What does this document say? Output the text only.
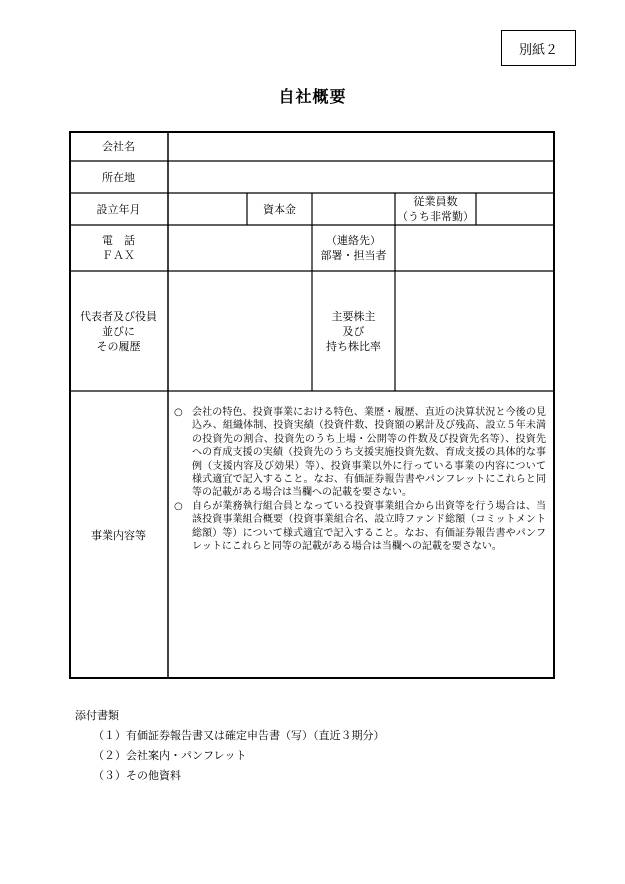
別紙２
自社概要
会社名
所在地
設立年月	資本金
従業員数
（うち非常勤）
電　話
ＦＡＸ
（連絡先）
部署・担当者
代表者及び役員
並びに
その履歴
主要株主
及び
持ち株比率
事業内容等
○ 会社の特色、投資事業における特色、業歴・履歴、直近の決算状況と今後の見込み、組織体制、投資実績（投資件数、投資額の累計及び残高、設立５年未満の投資先の割合、投資先のうち上場・公開等の件数及び投資先名等）、投資先への育成支援の実績（投資先のうち支援実施投資先数、育成支援の具体的な事例（支援内容及び効果）等）、投資事業以外に行っている事業の内容について様式適宜で記入すること。なお、有価証券報告書やパンフレットにこれらと同等の記載がある場合は当欄への記載を要さない。
○ 自らが業務執行組合員となっている投資事業組合から出資等を行う場合は、当該投資事業組合概要（投資事業組合名、設立時ファンド総額（コミットメント総額）等）について様式適宜で記入すること。なお、有価証券報告書やパンフレットにこれらと同等の記載がある場合は当欄への記載を要さない。
添付書類
（１）有価証券報告書又は確定申告書（写）（直近３期分）
（２）会社案内・パンフレット
（３）その他資料
